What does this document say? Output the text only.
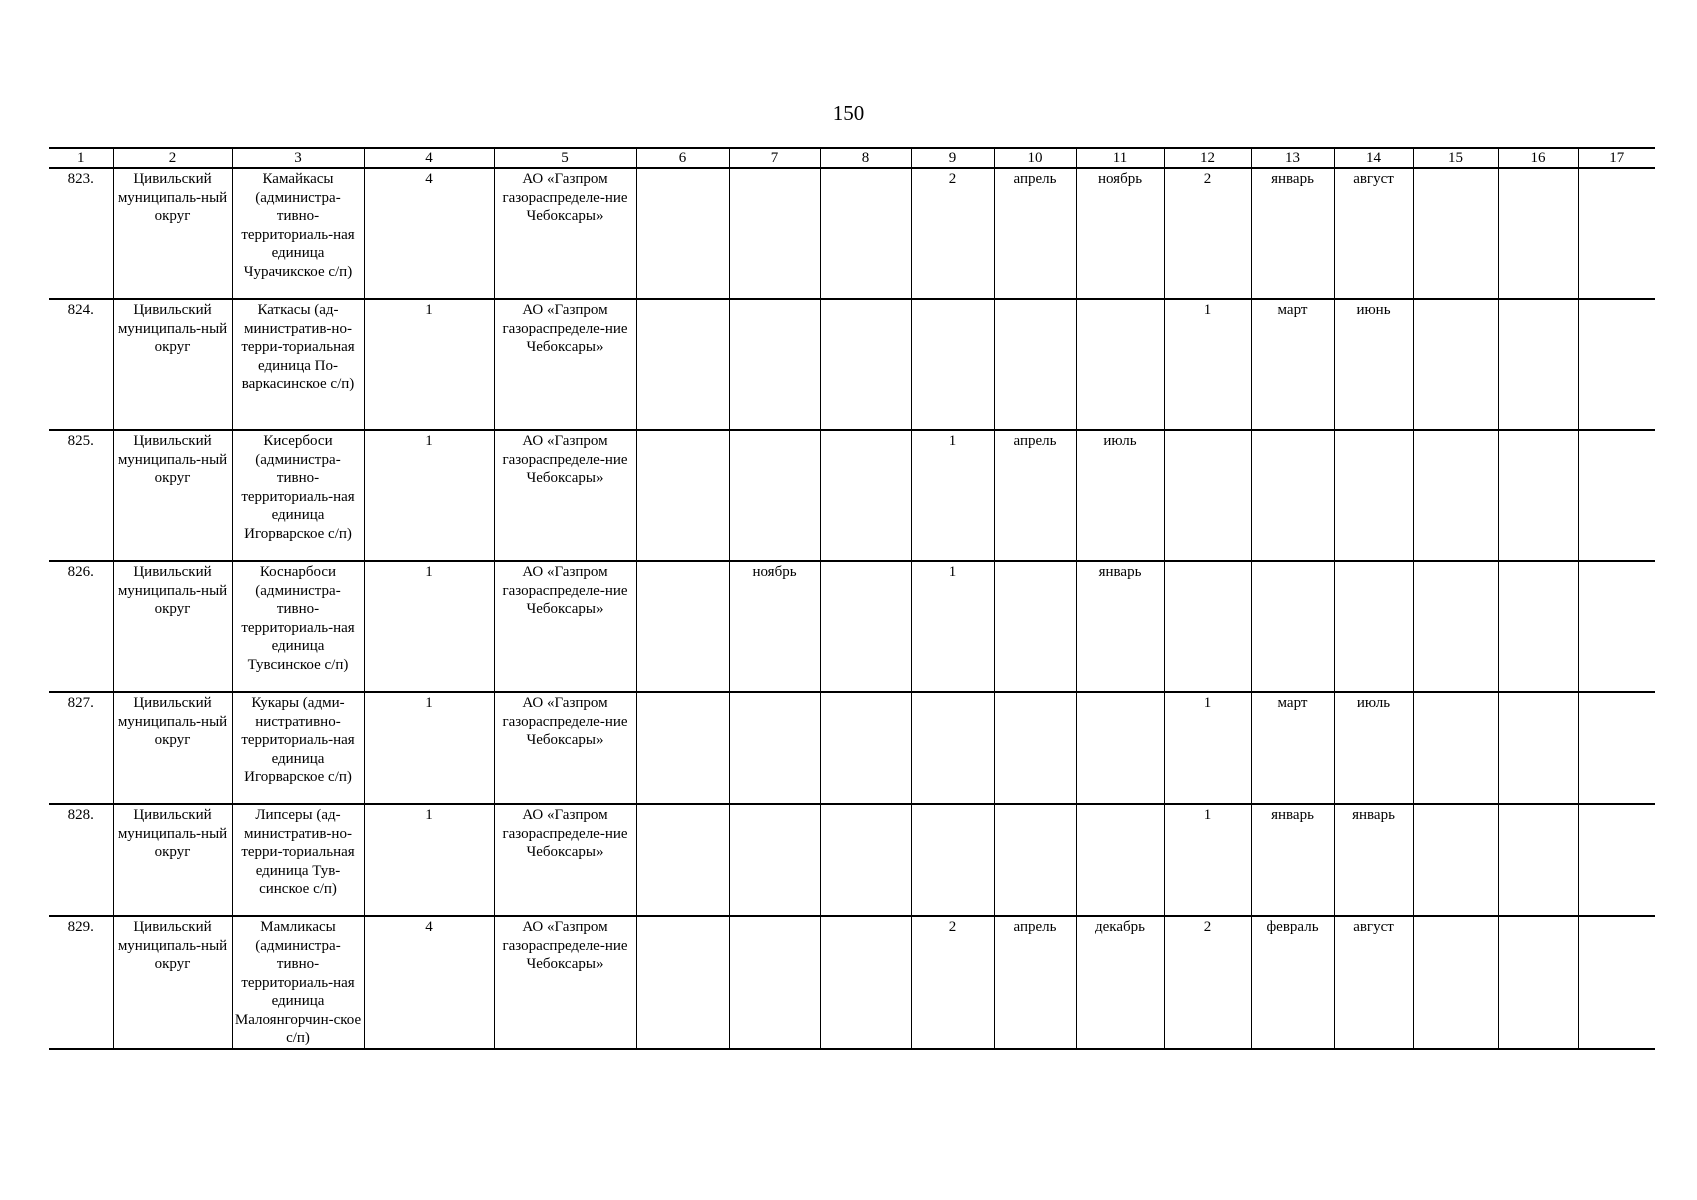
150
1	2	3	4	5	6	7	8	9	10	11	12	13	14	15	16	17
823.	Цивильский муниципаль-ный округ	Камайкасы (администра-тивно-территориаль-ная единица Чурачикское с/п)	4	АО «Газпром газораспределе-ние Чебоксары»				2	апрель	ноябрь	2	январь	август			
824.	Цивильский муниципаль-ный округ	Каткасы (ад-министратив-но-терри-ториальная единица По-варкасинское с/п)	1	АО «Газпром газораспределе-ние Чебоксары»							1	март	июнь			
825.	Цивильский муниципаль-ный округ	Кисербоси (администра-тивно-территориаль-ная единица Игорварское с/п)	1	АО «Газпром газораспределе-ние Чебоксары»				1	апрель	июль						
826.	Цивильский муниципаль-ный округ	Коснарбоси (администра-тивно-территориаль-ная единица Тувсинское с/п)	1	АО «Газпром газораспределе-ние Чебоксары»		ноябрь		1		январь						
827.	Цивильский муниципаль-ный округ	Кукары (адми-нистративно-территориаль-ная единица Игорварское с/п)	1	АО «Газпром газораспределе-ние Чебоксары»							1	март	июль			
828.	Цивильский муниципаль-ный округ	Липсеры (ад-министратив-но-терри-ториальная единица Тув-синское с/п)	1	АО «Газпром газораспределе-ние Чебоксары»							1	январь	январь			
829.	Цивильский муниципаль-ный округ	Мамликасы (администра-тивно-территориаль-ная единица Малоянгорчин-ское с/п)	4	АО «Газпром газораспределе-ние Чебоксары»				2	апрель	декабрь	2	февраль	август			
